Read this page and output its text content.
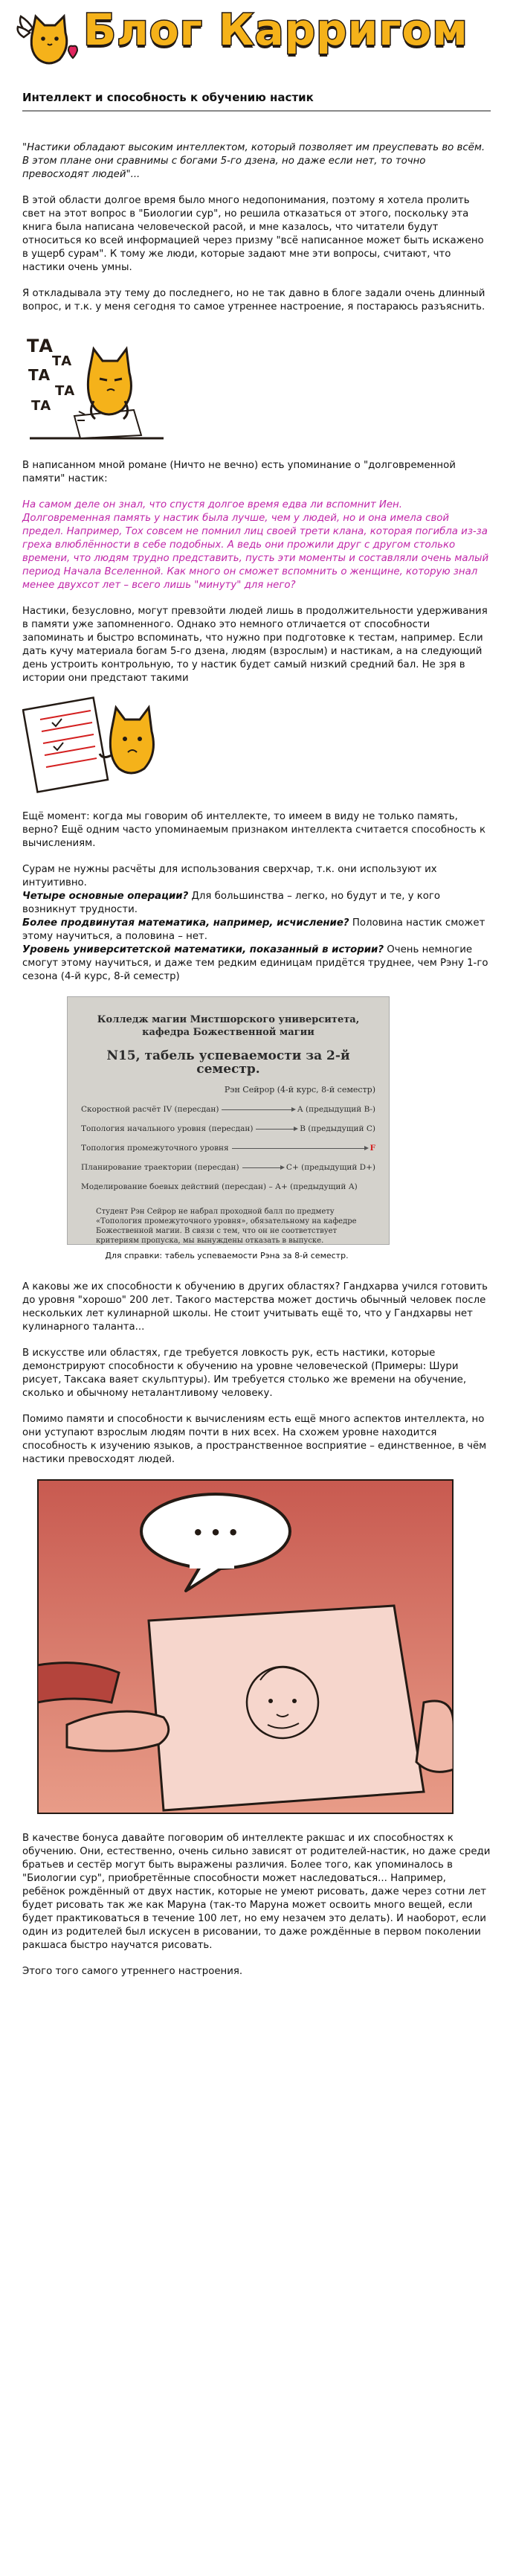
Блог Карригом
Интеллект и способность к обучению настик

"Настики обладают высоким интеллектом, который позволяет им преуспевать во всём. В этом плане они сравнимы с богами 5-го дзена, но даже если нет, то точно превосходят людей"...

В этой области долгое время было много недопонимания, поэтому я хотела пролить свет на этот вопрос в "Биологии сур", но решила отказаться от этого, поскольку эта книга была написана человеческой расой, и мне казалось, что читатели будут относиться ко всей информацией через призму "всё написанное может быть искажено в ущерб сурам". К тому же люди, которые задают мне эти вопросы, считают, что настики очень умны.

Я откладывала эту тему до последнего, но не так давно в блоге задали очень длинный вопрос, и т.к. у меня сегодня то самое утреннее настроение, я постараюсь разъяснить.

ТА
ТА
ТА
ТА
ТА

В написанном мной романе (Ничто не вечно) есть упоминание о "долговременной памяти" настик:

На самом деле он знал, что спустя долгое время едва ли вспомнит Иен. Долговременная память у настик была лучше, чем у людей, но и она имела свой предел. Например, Тох совсем не помнил лиц своей трети клана, которая погибла из-за греха влюблённости в себе подобных. А ведь они прожили друг с другом столько времени, что людям трудно представить, пусть эти моменты и составляли очень малый период Начала Вселенной. Как много он сможет вспомнить о женщине, которую знал менее двухсот лет – всего лишь "минуту" для него?

Настики, безусловно, могут превзойти людей лишь в продолжительности удерживания в памяти уже запомненного. Однако это немного отличается от способности запоминать и быстро вспоминать, что нужно при подготовке к тестам, например. Если дать кучу материала богам 5-го дзена, людям (взрослым) и настикам, а на следующий день устроить контрольную, то у настик будет самый низкий средний бал. Не зря в истории они предстают такими

Ещё момент: когда мы говорим об интеллекте, то имеем в виду не только память, верно? Ещё одним часто упоминаемым признаком интеллекта считается способность к вычислениям.

Сурам не нужны расчёты для использования сверхчар, т.к. они используют их интуитивно.

Четыре основные операции? Для большинства – легко, но будут и те, у кого возникнут трудности.
Более продвинутая математика, например, исчисление? Половина настик сможет этому научиться, а половина – нет.
Уровень университетской математики, показанный в истории? Очень немногие смогут этому научиться, и даже тем редким единицам придётся труднее, чем Рэну 1-го сезона (4-й курс, 8-й семестр)

Колледж магии Мистшорского университета,
кафедра Божественной магии
N15, табель успеваемости за 2-й семестр.
Рэн Сейрор (4-й курс, 8-й семестр)
Скоростной расчёт IV (пересдан)	А (предыдущий В-)
Топология начального уровня (пересдан)	В (предыдущий С)
Топология промежуточного уровня	F
Планирование траектории (пересдан)	С+ (предыдущий D+)
Моделирование боевых действий (пересдан) – А+ (предыдущий А)
Студент Рэн Сейрор не набрал проходной балл по предмету «Топология промежуточного уровня», обязательному на кафедре Божественной магии. В связи с тем, что он не соответствует критериям пропуска, мы вынуждены отказать в выпуске.
Для справки: табель успеваемости Рэна за 8-й семестр.

А каковы же их способности к обучению в других областях? Гандхарва учился готовить до уровня "хорошо" 200 лет. Такого мастерства может достичь обычный человек после нескольких лет кулинарной школы. Не стоит учитывать ещё то, что у Гандхарвы нет кулинарного таланта...

В искусстве или областях, где требуется ловкость рук, есть настики, которые демонстрируют способности к обучению на уровне человеческой (Примеры: Шури рисует, Таксака ваяет скульптуры). Им требуется столько же времени на обучение, сколько и обычному неталантливому человеку.

Помимо памяти и способности к вычислениям есть ещё много аспектов интеллекта, но они уступают взрослым людям почти в них всех. На схожем уровне находится способность к изучению языков, а пространственное восприятие – единственное, в чём настики превосходят людей.

• • •

В качестве бонуса давайте поговорим об интеллекте ракшас и их способностях к обучению. Они, естественно, очень сильно зависят от родителей-настик, но даже среди братьев и сестёр могут быть выражены различия. Более того, как упоминалось в "Биологии сур", приобретённые способности может наследоваться... Например, ребёнок рождённый от двух настик, которые не умеют рисовать, даже через сотни лет будет рисовать так же как Маруна (так-то Маруна может освоить много вещей, если будет практиковаться в течение 100 лет, но ему незачем это делать). И наоборот, если один из родителей был искусен в рисовании, то даже рождённые в первом поколении ракшаса быстро научатся рисовать.

Этого того самого утреннего настроения.
